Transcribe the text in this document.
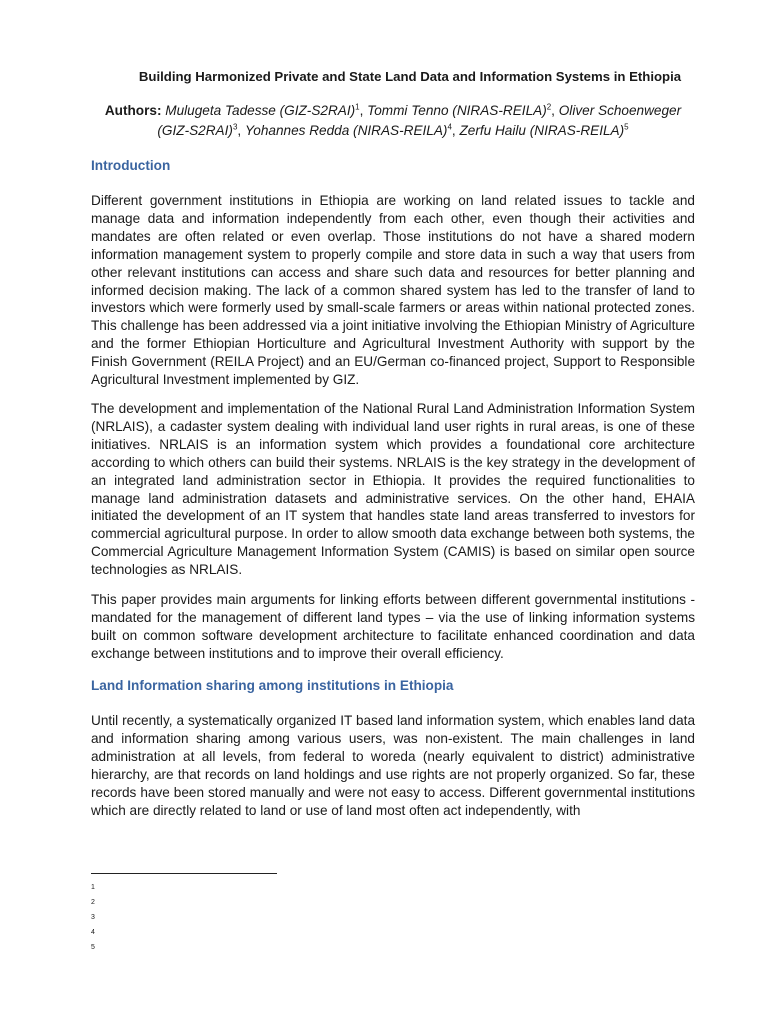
Building Harmonized Private and State Land Data and Information Systems in Ethiopia
Authors: Mulugeta Tadesse $(GIZ-S2RAI)^1$, Tommi Tenno (NIRAS-REILA)$^2$, Oliver Schoenweger
$(GIZ-S2RAI)^3$, Yohannes Redda (NIRAS-REILA)$^4$, Zerfu Hailu (NIRAS-REILA)$^5$
Introduction
Different government institutions in Ethiopia are working on land related issues to tackle and manage data and information independently from each other, even though their activities and mandates are often related or even overlap. Those institutions do not have a shared modern information management system to properly compile and store data in such a way that users from other relevant institutions can access and share such data and resources for better planning and informed decision making. The lack of a common shared system has led to the transfer of land to investors which were formerly used by small-scale farmers or areas within national protected zones. This challenge has been addressed via a joint initiative involving the Ethiopian Ministry of Agriculture and the former Ethiopian Horticulture and Agricultural Investment Authority with support by the Finish Government (REILA Project) and an EU/German co-financed project, Support to Responsible Agricultural Investment implemented by GIZ.
The development and implementation of the National Rural Land Administration Information System (NRLAIS), a cadaster system dealing with individual land user rights in rural areas, is one of these initiatives. NRLAIS is an information system which provides a foundational core architecture according to which others can build their systems. NRLAIS is the key strategy in the development of an integrated land administration sector in Ethiopia. It provides the required functionalities to manage land administration datasets and administrative services. On the other hand, EHAIA initiated the development of an IT system that handles state land areas transferred to investors for commercial agricultural purpose. In order to allow smooth data exchange between both systems, the Commercial Agriculture Management Information System (CAMIS) is based on similar open source technologies as NRLAIS.
This paper provides main arguments for linking efforts between different governmental institutions - mandated for the management of different land types – via the use of linking information systems built on common software development architecture to facilitate enhanced coordination and data exchange between institutions and to improve their overall efficiency.
Land Information sharing among institutions in Ethiopia
Until recently, a systematically organized IT based land information system, which enables land data and information sharing among various users, was non-existent. The main challenges in land administration at all levels, from federal to woreda (nearly equivalent to district) administrative hierarchy, are that records on land holdings and use rights are not properly organized. So far, these records have been stored manually and were not easy to access. Different governmental institutions which are directly related to land or use of land most often act independently, with
1
2
3
4
5
